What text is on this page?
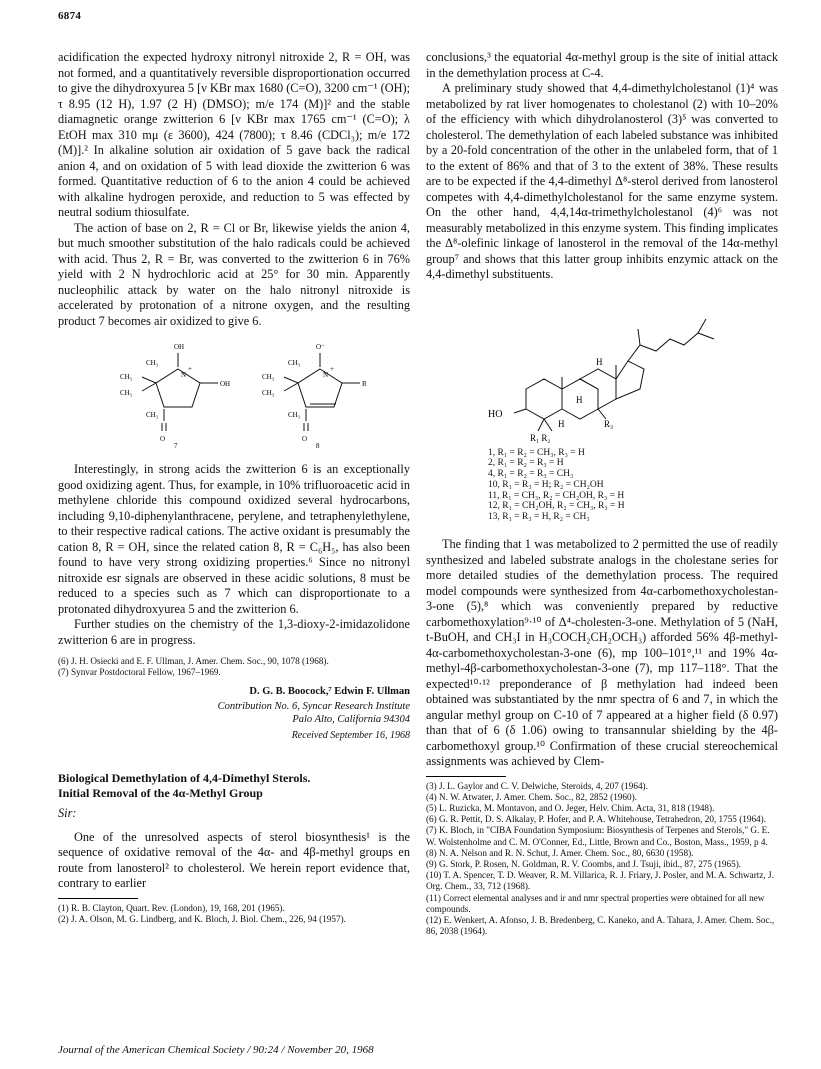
6874

acidification the expected hydroxy nitronyl nitroxide 2, R = OH, was not formed, and a quantitatively reversible disproportionation occurred to give the dihydroxyurea 5 [ν KBr max 1680 (C=O), 3200 cm⁻¹ (OH); τ 8.95 (12 H), 1.97 (2 H) (DMSO); m/e 174 (M)]² and the stable diamagnetic orange zwitterion 6 [ν KBr max 1765 cm⁻¹ (C=O); λ EtOH max 310 mμ (ε 3600), 424 (7800); τ 8.46 (CDCl₃); m/e 172 (M)].² In alkaline solution air oxidation of 5 gave back the radical anion 4, and on oxidation of 5 with lead dioxide the zwitterion 6 was formed. Quantitative reduction of 6 to the anion 4 could be achieved with alkaline hydrogen peroxide, and reduction to 5 was effected by neutral sodium thiosulfate.

The action of base on 2, R = Cl or Br, likewise yields the anion 4, but much smoother substitution of the halo radicals could be achieved with acid. Thus 2, R = Br, was converted to the zwitterion 6 in 76% yield with 2 N hydrochloric acid at 25° for 30 min. Apparently nucleophilic attack by water on the halo nitronyl nitroxide is accelerated by protonation of a nitrone oxygen, and the resulting product 7 becomes air oxidized to give 6.

OH
N
+
OH
CH₃
CH₃
CH₃
CH₃
O
7
O⁻
N
+
R
CH₃
CH₃
CH₃
CH₃
O
8

Interestingly, in strong acids the zwitterion 6 is an exceptionally good oxidizing agent. Thus, for example, in 10% trifluoroacetic acid in methylene chloride this compound oxidized several hydrocarbons, including 9,10-diphenylanthracene, perylene, and tetraphenylethylene, to their respective radical cations. The active oxidant is presumably the cation 8, R = OH, since the related cation 8, R = C₆H₅, has also been found to have very strong oxidizing properties.⁶ Since no nitronyl nitroxide esr signals are observed in these acidic solutions, 8 must be reduced to a species such as 7 which can disproportionate to a protonated dihydroxyurea 5 and the zwitterion 6.

Further studies on the chemistry of the 1,3-dioxy-2-imidazolidone zwitterion 6 are in progress.

(6) J. H. Osiecki and E. F. Ullman, J. Amer. Chem. Soc., 90, 1078 (1968).

(7) Synvar Postdoctoral Fellow, 1967–1969.

D. G. B. Boocock,⁷ Edwin F. Ullman
Contribution No. 6, Syncar Research Institute
Palo Alto, California 94304
Received September 16, 1968
Biological Demethylation of 4,4-Dimethyl Sterols.
Initial Removal of the 4α-Methyl Group
Sir:

One of the unresolved aspects of sterol biosynthesis¹ is the sequence of oxidative removal of the 4α- and 4β-methyl groups en route from lanosterol² to cholesterol. We herein report evidence that, contrary to earlier

(1) R. B. Clayton, Quart. Rev. (London), 19, 168, 201 (1965).

(2) J. A. Olson, M. G. Lindberg, and K. Bloch, J. Biol. Chem., 226, 94 (1957).

conclusions,³ the equatorial 4α-methyl group is the site of initial attack in the demethylation process at C-4.

A preliminary study showed that 4,4-dimethylcholestanol (1)⁴ was metabolized by rat liver homogenates to cholestanol (2) with 10–20% of the efficiency with which dihydrolanosterol (3)⁵ was converted to cholesterol. The demethylation of each labeled substance was inhibited by a 20-fold concentration of the other in the unlabeled form, that of 1 to the extent of 86% and that of 3 to the extent of 38%. These results are to be expected if the 4,4-dimethyl Δ⁸-sterol derived from lanosterol competes with 4,4-dimethylcholestanol for the same enzyme system. On the other hand, 4,4,14α-trimethylcholestanol (4)⁶ was not measurably metabolized in this enzyme system. This finding implicates the Δ⁸-olefinic linkage of lanosterol in the removal of the 14α-methyl group⁷ and shows that this latter group inhibits enzymic attack on the 4,4-dimethyl substituents.

HO
H
H
H	R₃
R₁ R₂
1, R₁ = R₂ = CH₃, R₃ = H
2, R₁ = R₂ = R₃ = H
4, R₁ = R₂ = R₃ = CH₃
10, R₁ = R₃ = H; R₂ = CH₂OH
11, R₁ = CH₃, R₂ = CH₂OH, R₃ = H
12, R₁ = CH₂OH, R₂ = CH₃, R₃ = H
13, R₁ = R₃ = H, R₂ = CH₃

The finding that 1 was metabolized to 2 permitted the use of readily synthesized and labeled substrate analogs in the cholestane series for more detailed studies of the demethylation process. The required model compounds were synthesized from 4α-carbomethoxycholestan-3-one (5),⁸ which was conveniently prepared by reductive carbomethoxylation⁹·¹⁰ of Δ⁴-cholesten-3-one. Methylation of 5 (NaH, t-BuOH, and CH₃I in H₃COCH₂CH₂OCH₃) afforded 56% 4β-methyl-4α-carbomethoxycholestan-3-one (6), mp 100–101°,¹¹ and 19% 4α-methyl-4β-carbomethoxycholestan-3-one (7), mp 117–118°. That the expected¹⁰·¹² preponderance of β methylation had indeed been obtained was substantiated by the nmr spectra of 6 and 7, in which the angular methyl group on C-10 of 7 appeared at a higher field (δ 0.97) than that of 6 (δ 1.06) owing to transannular shielding by the 4β-carbomethoxyl group.¹⁰ Confirmation of these crucial stereochemical assignments was achieved by Clem-

(3) J. L. Gaylor and C. V. Delwiche, Steroids, 4, 207 (1964).

(4) N. W. Atwater, J. Amer. Chem. Soc., 82, 2852 (1960).

(5) L. Ruzicka, M. Montavon, and O. Jeger, Helv. Chim. Acta, 31, 818 (1948).

(6) G. R. Pettit, D. S. Alkalay, P. Hofer, and P. A. Whitehouse, Tetrahedron, 20, 1755 (1964).

(7) K. Bloch, in "CIBA Foundation Symposium: Biosynthesis of Terpenes and Sterols," G. E. W. Wolstenholme and C. M. O'Conner, Ed., Little, Brown and Co., Boston, Mass., 1959, p 4.

(8) N. A. Nelson and R. N. Schut, J. Amer. Chem. Soc., 80, 6630 (1958).

(9) G. Stork, P. Rosen, N. Goldman, R. V. Coombs, and J. Tsuji, ibid., 87, 275 (1965).

(10) T. A. Spencer, T. D. Weaver, R. M. Villarica, R. J. Friary, J. Posler, and M. A. Schwartz, J. Org. Chem., 33, 712 (1968).

(11) Correct elemental analyses and ir and nmr spectral properties were obtained for all new compounds.

(12) E. Wenkert, A. Afonso, J. B. Bredenberg, C. Kaneko, and A. Tahara, J. Amer. Chem. Soc., 86, 2038 (1964).

Journal of the American Chemical Society / 90:24 / November 20, 1968
